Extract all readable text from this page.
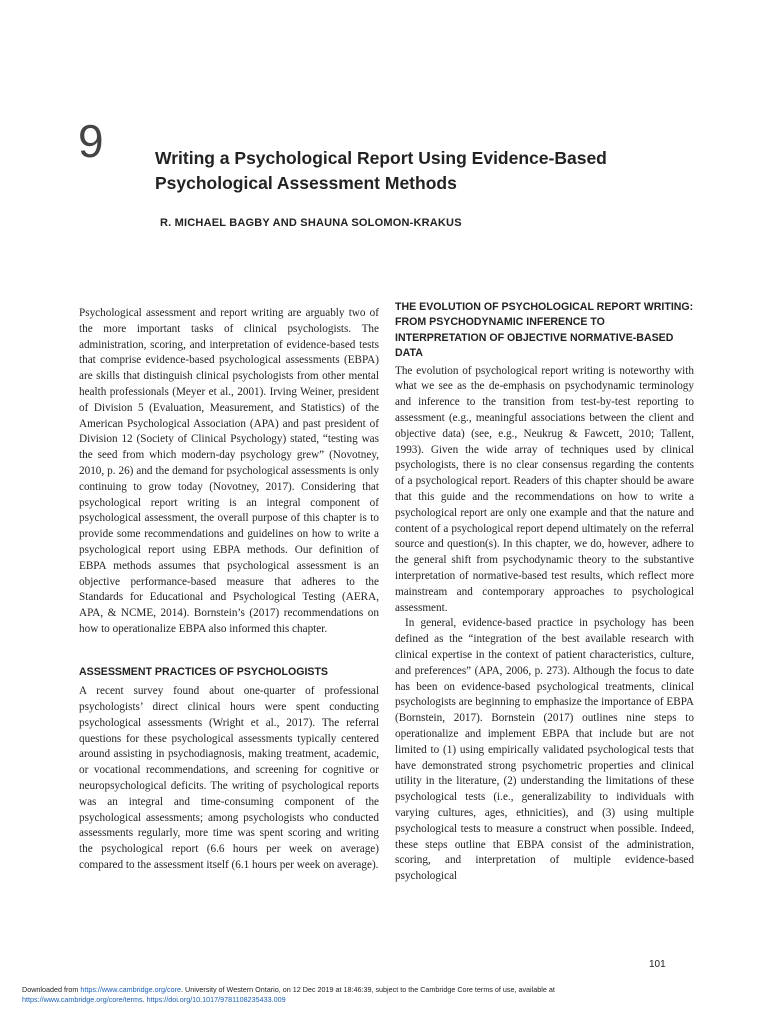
9	Writing a Psychological Report Using Evidence-Based
Psychological Assessment Methods
R. MICHAEL BAGBY AND SHAUNA SOLOMON-KRAKUS

Psychological assessment and report writing are arguably two of the more important tasks of clinical psychologists. The administration, scoring, and interpretation of evidence-based tests that comprise evidence-based psychological assessments (EBPA) are skills that distinguish clinical psychologists from other mental health professionals (Meyer et al., 2001). Irving Weiner, president of Division 5 (Evaluation, Measurement, and Statistics) of the American Psychological Association (APA) and past president of Division 12 (Society of Clinical Psychology) stated, “testing was the seed from which modern-day psychology grew” (Novotney, 2010, p. 26) and the demand for psychological assessments is only continuing to grow today (Novotney, 2017). Considering that psychological report writing is an integral component of psychological assessment, the overall purpose of this chapter is to provide some recommendations and guidelines on how to write a psychological report using EBPA methods. Our definition of EBPA methods assumes that psychological assessment is an objective performance-based measure that adheres to the Standards for Educational and Psychological Testing (AERA, APA, & NCME, 2014). Bornstein’s (2017) recommendations on how to operationalize EBPA also informed this chapter.

ASSESSMENT PRACTICES OF PSYCHOLOGISTS

A recent survey found about one-quarter of professional psychologists’ direct clinical hours were spent conducting psychological assessments (Wright et al., 2017). The referral questions for these psychological assessments typically centered around assisting in psychodiagnosis, making treatment, academic, or vocational recommendations, and screening for cognitive or neuropsychological deficits. The writing of psychological reports was an integral and time-consuming component of the psychological assessments; among psychologists who conducted assessments regularly, more time was spent scoring and writing the psychological report (6.6 hours per week on average) compared to the assessment itself (6.1 hours per week on average).

THE EVOLUTION OF PSYCHOLOGICAL REPORT WRITING: FROM PSYCHODYNAMIC INFERENCE TO INTERPRETATION OF OBJECTIVE NORMATIVE-BASED DATA

The evolution of psychological report writing is noteworthy with what we see as the de-emphasis on psychodynamic terminology and inference to the transition from test-by-test reporting to assessment (e.g., meaningful associations between the client and objective data) (see, e.g., Neukrug & Fawcett, 2010; Tallent, 1993). Given the wide array of techniques used by clinical psychologists, there is no clear consensus regarding the contents of a psychological report. Readers of this chapter should be aware that this guide and the recommendations on how to write a psychological report are only one example and that the nature and content of a psychological report depend ultimately on the referral source and question(s). In this chapter, we do, however, adhere to the general shift from psychodynamic theory to the substantive interpretation of normative-based test results, which reflect more mainstream and contemporary approaches to psychological assessment.

In general, evidence-based practice in psychology has been defined as the “integration of the best available research with clinical expertise in the context of patient characteristics, culture, and preferences” (APA, 2006, p. 273). Although the focus to date has been on evidence-based psychological treatments, clinical psychologists are beginning to emphasize the importance of EBPA (Bornstein, 2017). Bornstein (2017) outlines nine steps to operationalize and implement EBPA that include but are not limited to (1) using empirically validated psychological tests that have demonstrated strong psychometric properties and clinical utility in the literature, (2) understanding the limitations of these psychological tests (i.e., generalizability to individuals with varying cultures, ages, ethnicities), and (3) using multiple psychological tests to measure a construct when possible. Indeed, these steps outline that EBPA consist of the administration, scoring, and interpretation of multiple evidence-based psychological

101
Downloaded from https://www.cambridge.org/core. University of Western Ontario, on 12 Dec 2019 at 18:46:39, subject to the Cambridge Core terms of use, available at
https://www.cambridge.org/core/terms. https://doi.org/10.1017/9781108235433.009
